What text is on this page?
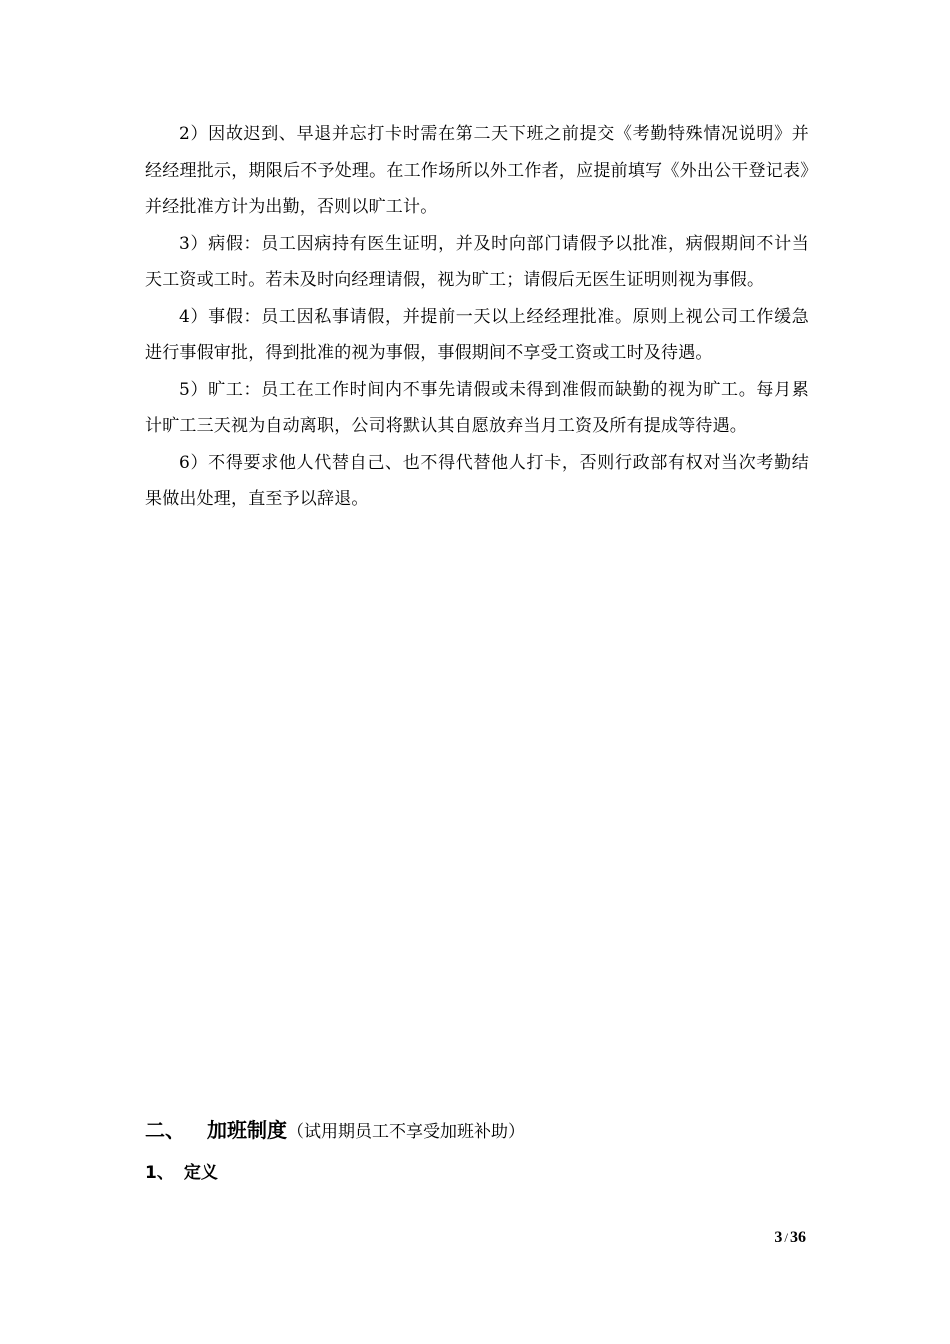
2）因故迟到、早退并忘打卡时需在第二天下班之前提交《考勤特殊情况说明》并经经理批示，期限后不予处理。在工作场所以外工作者，应提前填写《外出公干登记表》并经批准方计为出勤，否则以旷工计。

3）病假：员工因病持有医生证明，并及时向部门请假予以批准，病假期间不计当天工资或工时。若未及时向经理请假，视为旷工；请假后无医生证明则视为事假。

4）事假：员工因私事请假，并提前一天以上经经理批准。原则上视公司工作缓急进行事假审批，得到批准的视为事假，事假期间不享受工资或工时及待遇。

5）旷工：员工在工作时间内不事先请假或未得到准假而缺勤的视为旷工。每月累计旷工三天视为自动离职，公司将默认其自愿放弃当月工资及所有提成等待遇。

6）不得要求他人代替自己、也不得代替他人打卡，否则行政部有权对当次考勤结果做出处理，直至予以辞退。

二、 加班制度（试用期员工不享受加班补助）
1、 定义
3 / 36
